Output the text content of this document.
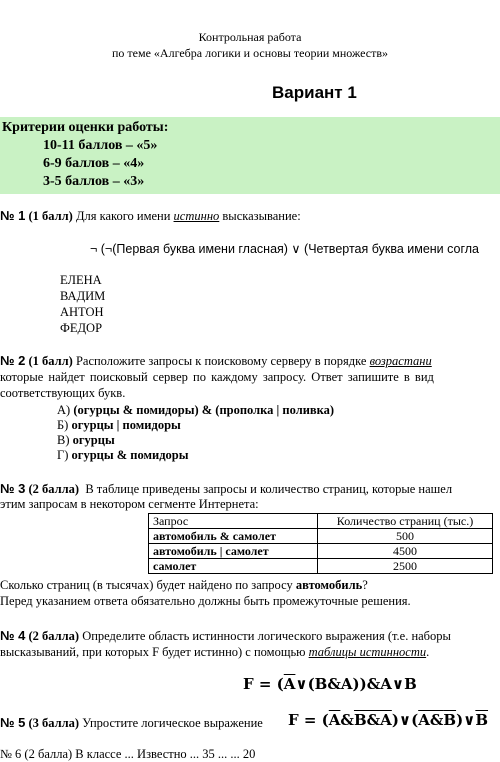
Контрольная работа
по теме «Алгебра логики и основы теории множеств»
Вариант 1
Критерии оценки работы:
10-11 баллов – «5»
6-9 баллов – «4»
3-5 баллов – «3»
№ 1 (1 балл) Для какого имени истинно высказывание:
¬ (¬(Первая буква имени гласная) ∨ (Четвертая буква имени согла
ЕЛЕНА
ВАДИМ
АНТОН
ФЕДОР
№ 2 (1 балл) Расположите запросы к поисковому серверу в порядке возрастани
которые найдет поисковый сервер по каждому запросу. Ответ запишите в вид
соответствующих букв.
А) (огурцы & помидоры) & (прополка | поливка)
Б) огурцы | помидоры
В) огурцы
Г) огурцы & помидоры
№ 3 (2 балла) В таблице приведены запросы и количество страниц, которые нашел
этим запросам в некотором сегменте Интернета:
Запрос	Количество страниц (тыс.)
автомобиль & самолет	500
автомобиль | самолет	4500
самолет	2500
Сколько страниц (в тысячах) будет найдено по запросу автомобиль?
Перед указанием ответа обязательно должны быть промежуточные решения.
№ 4 (2 балла) Определите область истинности логического выражения (т.е. наборы
высказываний, при которых F будет истинно) с помощью таблицы истинности.
$F = (\overline{A}\vee(B\&A))\&A\vee B$
№ 5 (3 балла) Упростите логическое выражение $F = (\overline{A}\&B\&A)\vee(A\&\overline{B})\vee\overline{B}$
№ 6 (2 балла) В классе ... Известно ... 35 ... ... 20
